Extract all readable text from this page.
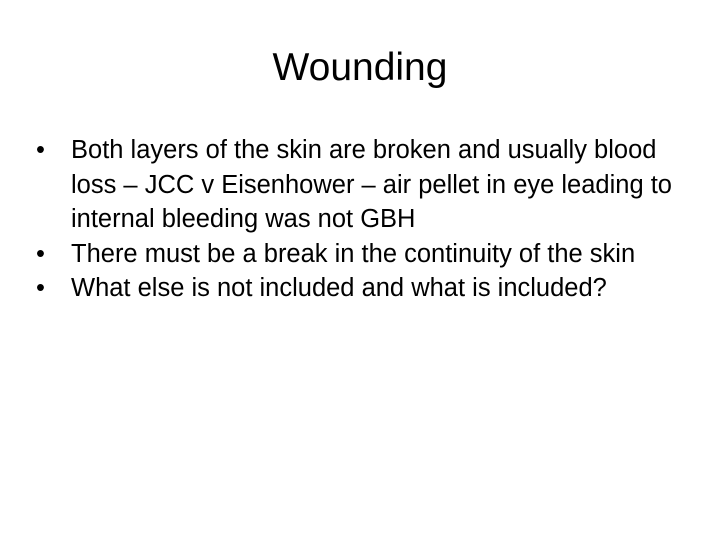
Wounding
•	Both layers of the skin are broken and usually blood loss – JCC v Eisenhower – air pellet in eye leading to internal bleeding was not GBH
•	There must be a break in the continuity of the skin
•	What else is not included and what is included?
